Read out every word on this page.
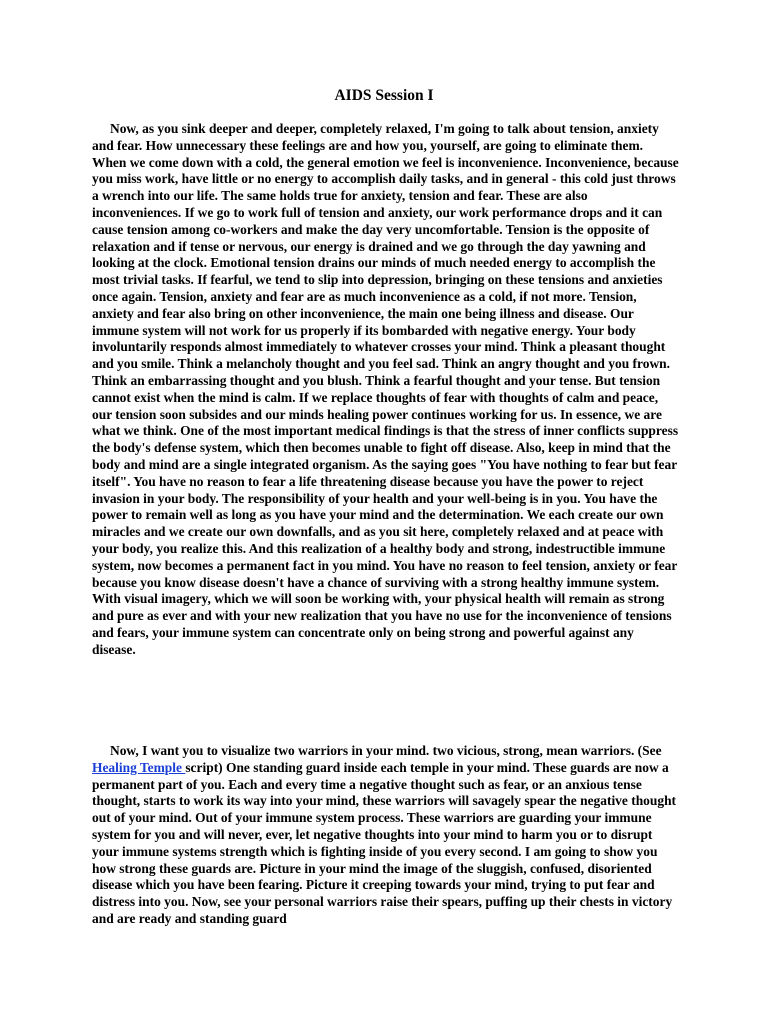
AIDS Session I

Now, as you sink deeper and deeper, completely relaxed, I'm going to talk about tension, anxiety and fear. How unnecessary these feelings are and how you, yourself, are going to eliminate them. When we come down with a cold, the general emotion we feel is inconvenience. Inconvenience, because you miss work, have little or no energy to accomplish daily tasks, and in general - this cold just throws a wrench into our life. The same holds true for anxiety, tension and fear. These are also inconveniences. If we go to work full of tension and anxiety, our work performance drops and it can cause tension among co-workers and make the day very uncomfortable. Tension is the opposite of relaxation and if tense or nervous, our energy is drained and we go through the day yawning and looking at the clock. Emotional tension drains our minds of much needed energy to accomplish the most trivial tasks. If fearful, we tend to slip into depression, bringing on these tensions and anxieties once again. Tension, anxiety and fear are as much inconvenience as a cold, if not more. Tension, anxiety and fear also bring on other inconvenience, the main one being illness and disease. Our immune system will not work for us properly if its bombarded with negative energy. Your body involuntarily responds almost immediately to whatever crosses your mind. Think a pleasant thought and you smile. Think a melancholy thought and you feel sad. Think an angry thought and you frown. Think an embarrassing thought and you blush. Think a fearful thought and your tense. But tension cannot exist when the mind is calm. If we replace thoughts of fear with thoughts of calm and peace, our tension soon subsides and our minds healing power continues working for us. In essence, we are what we think. One of the most important medical findings is that the stress of inner conflicts suppress the body's defense system, which then becomes unable to fight off disease. Also, keep in mind that the body and mind are a single integrated organism. As the saying goes "You have nothing to fear but fear itself". You have no reason to fear a life threatening disease because you have the power to reject invasion in your body. The responsibility of your health and your well-being is in you. You have the power to remain well as long as you have your mind and the determination. We each create our own miracles and we create our own downfalls, and as you sit here, completely relaxed and at peace with your body, you realize this. And this realization of a healthy body and strong, indestructible immune system, now becomes a permanent fact in you mind. You have no reason to feel tension, anxiety or fear because you know disease doesn't have a chance of surviving with a strong healthy immune system. With visual imagery, which we will soon be working with, your physical health will remain as strong and pure as ever and with your new realization that you have no use for the inconvenience of tensions and fears, your immune system can concentrate only on being strong and powerful against any disease.

Now, I want you to visualize two warriors in your mind. two vicious, strong, mean warriors. (See Healing Temple script) One standing guard inside each temple in your mind. These guards are now a permanent part of you. Each and every time a negative thought such as fear, or an anxious tense thought, starts to work its way into your mind, these warriors will savagely spear the negative thought out of your mind. Out of your immune system process. These warriors are guarding your immune system for you and will never, ever, let negative thoughts into your mind to harm you or to disrupt your immune systems strength which is fighting inside of you every second. I am going to show you how strong these guards are. Picture in your mind the image of the sluggish, confused, disoriented disease which you have been fearing. Picture it creeping towards your mind, trying to put fear and distress into you. Now, see your personal warriors raise their spears, puffing up their chests in victory and are ready and standing guard
